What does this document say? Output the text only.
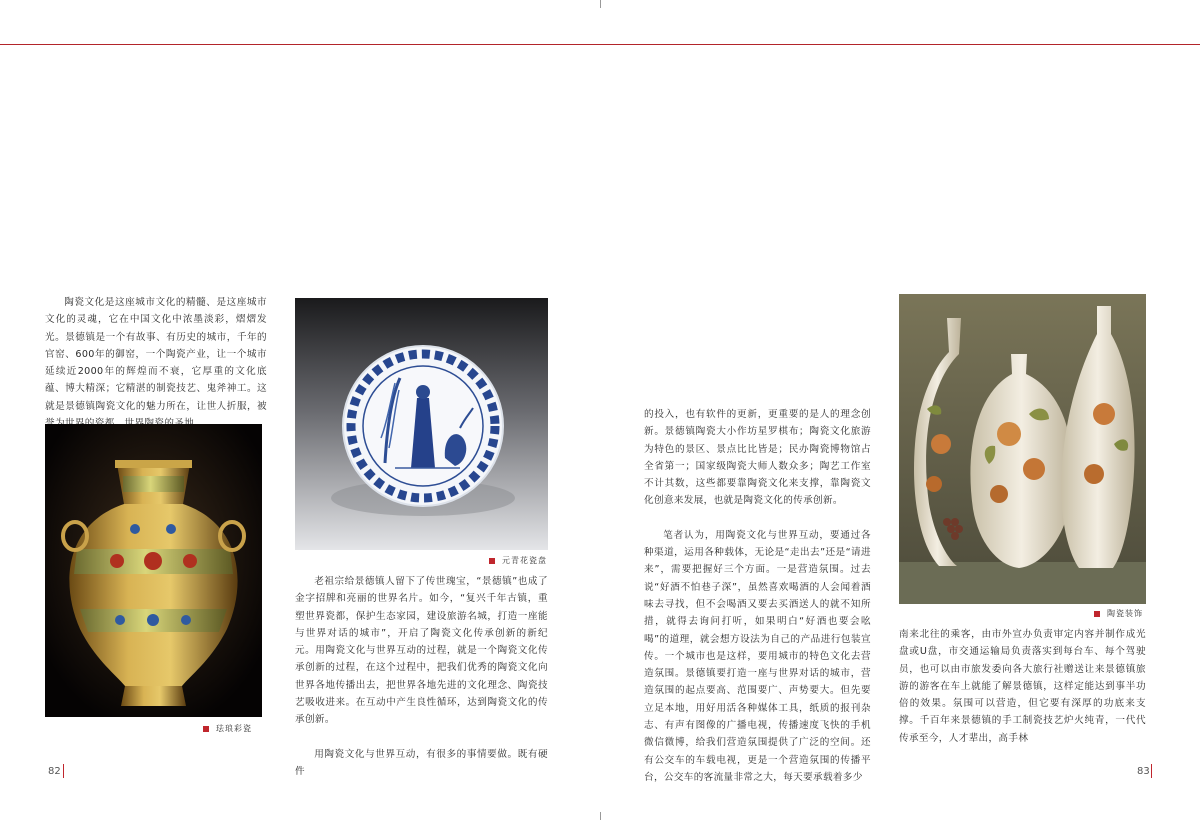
陶瓷文化是这座城市文化的精髓、是这座城市文化的灵魂，它在中国文化中浓墨淡彩，熠熠发光。景德镇是一个有故事、有历史的城市，千年的官窑、600年的御窑，一个陶瓷产业，让一个城市延续近2000年的辉煌而不衰，它厚重的文化底蕴、博大精深；它精湛的制瓷技艺、鬼斧神工。这就是景德镇陶瓷文化的魅力所在，让世人折服，被

珐琅彩瓷
元青花瓷盘

老祖宗给景德镇人留下了传世瑰宝，“景德镇”也成了金字招牌和亮丽的世界名片。如今，“复兴千年古镇，重塑世界瓷都，保护生态家园，建设旅游名城，打造一座能与世界对话的城市”，开启了陶瓷文化传承创新的新纪元。用陶瓷文化与世界互动的过程，就是一个陶瓷文化传承创新的过程，在这个过程中，把我们优秀的陶瓷文化向世界各地传播出去，把世界各地先进的文化理念、陶瓷技艺吸收进来。在互动中产生良性循环，达到陶瓷文化的传承创新。

用陶瓷文化与世界互动，有很多的事情要做。既有硬件

82

的投入，也有软件的更新，更重要的是人的理念创新。景德镇陶瓷大小作坊星罗棋布；陶瓷文化旅游为特色的景区、景点比比皆是；民办陶瓷博物馆占全省第一；国家级陶瓷大师人数众多；陶艺工作室不计其数，这些都要靠陶瓷文化来支撑，靠陶瓷文化创意来发展，也就是陶瓷文化的传承创新。

笔者认为，用陶瓷文化与世界互动，要通过各种渠道，运用各种载体，无论是“走出去”还是“请进来”，需要把握好三个方面。一是营造氛围。过去说“好酒不怕巷子深”，虽然喜欢喝酒的人会闻着酒味去寻找，但不会喝酒又要去买酒送人的就不知所措，就得去询问打听，如果明白“好酒也要会吆喝”的道理，就会想方设法为自己的产品进行包装宣传。一个城市也是这样，要用城市的特色文化去营造氛围。景德镇要打造一座与世界对话的城市，营造氛围的起点要高、范围要广、声势要大。但先要立足本地，用好用活各种媒体工具，纸质的报刊杂志、有声有图像的广播电视，传播速度飞快的手机微信微博，给我们营造氛围提供了广泛的空间。还有公交车的车载电视，更是一个营造氛围的传播平台，公交车的客流量非常之大，每天要承载着多少

陶瓷装饰

南来北往的乘客，由市外宣办负责审定内容并制作成光盘或U盘，市交通运输局负责落实到每台车、每个驾驶员，也可以由市旅发委向各大旅行社赠送让来景德镇旅游的游客在车上就能了解景德镇，这样定能达到事半功倍的效果。氛围可以营造，但它要有深厚的功底来支撑。千百年来景德镇的手工制瓷技艺炉火纯青，一代代传承至今，人才辈出，高手林

83
